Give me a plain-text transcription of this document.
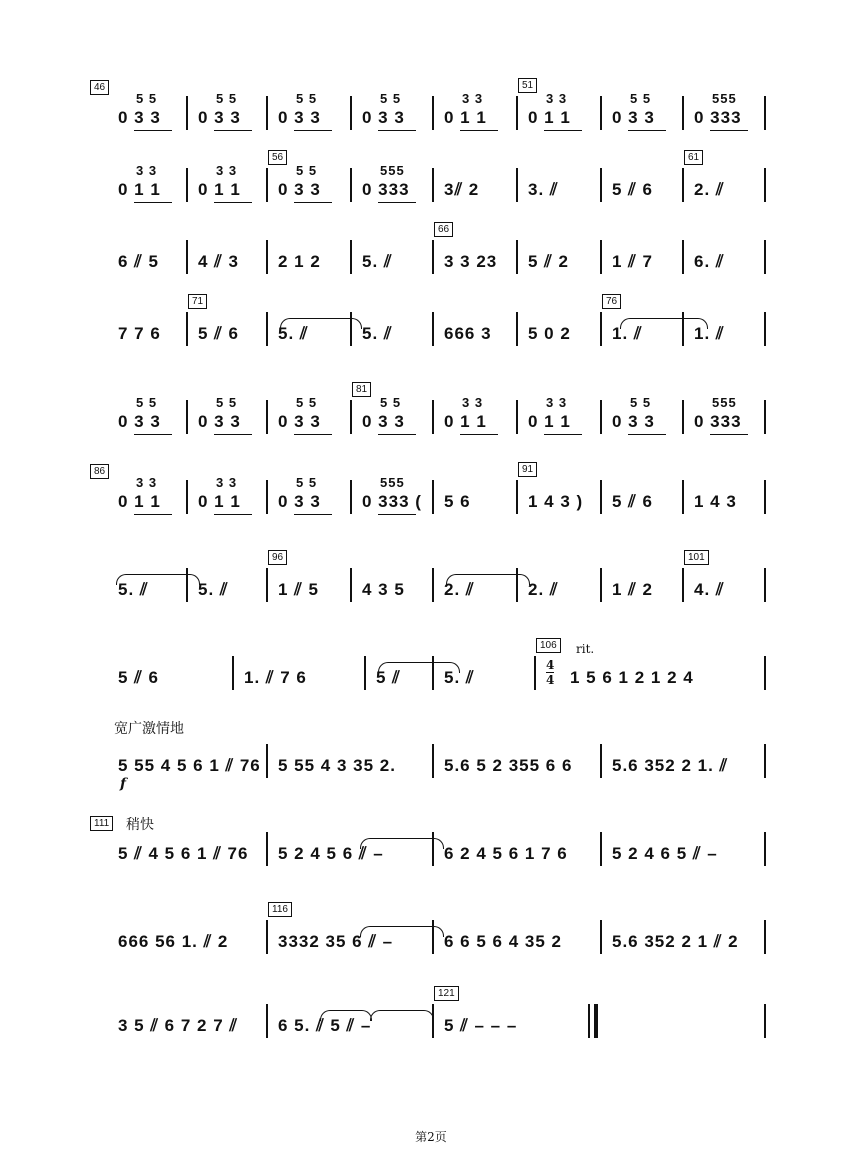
46
5 5
0 3 3
5 5
0 3 3
5 5
0 3 3
5 5
0 3 3
3 3
0 1 1
3 3
0 1 1
51
5 5
0 3 3
555
0 333
3 3
0 1 1
3 3
0 1 1
5 5
0 3 3
56
555
0 333 3⫽ 2	3. ⫽	5 ⫽ 6 2. ⫽
61
6 ⫽ 5 4 ⫽ 3 2 1 2 5. ⫽	3 3 23
66
5 ⫽ 2	1 ⫽ 7 6. ⫽
7 7 6 5 ⫽ 6
71
5. ⫽	5. ⫽	666 3 5 0 2 1. ⫽
76
1. ⫽
5 5
0 3 3
5 5
0 3 3
5 5
0 3 3
5 5
0 3 3
81
3 3
0 1 1
3 3
0 1 1
5 5
0 3 3
555
0 333
86
3 3
0 1 1
3 3
0 1 1
5 5
0 3 3
555
0 333 ( 5 6	1 4 3 )
91
5 ⫽ 6 1 4 3
5. ⫽	5. ⫽	1 ⫽ 5
96
4 3 5 2. ⫽	2. ⫽	1 ⫽ 2 4. ⫽
101
5 ⫽ 6	1. ⫽ 7 6	5 ⫽	5. ⫽	1 5 6 1 2 1 2 4
106
4
4
rit.
宽广激情地
f
5 55 4 5 6 1 ⫽ 76 5 55 4 3 35 2.	5.6 5 2 355 6 6 5.6 352 2 1. ⫽
111 稍快
5 ⫽ 4 5 6 1 ⫽ 76 5 2 4 5 6 ⫽ –	6 2 4 5 6 1 7 6	5 2 4 6 5 ⫽ –
666 56 1. ⫽ 2	3332 35 6 ⫽ –
116
6 6 5 6 4 35 2	5.6 352 2 1 ⫽ 2
3 5 ⫽ 6 7 2 7 ⫽ 6 5. ⫽ 5 ⫽ –	5 ⫽ – – –
121
第2页
